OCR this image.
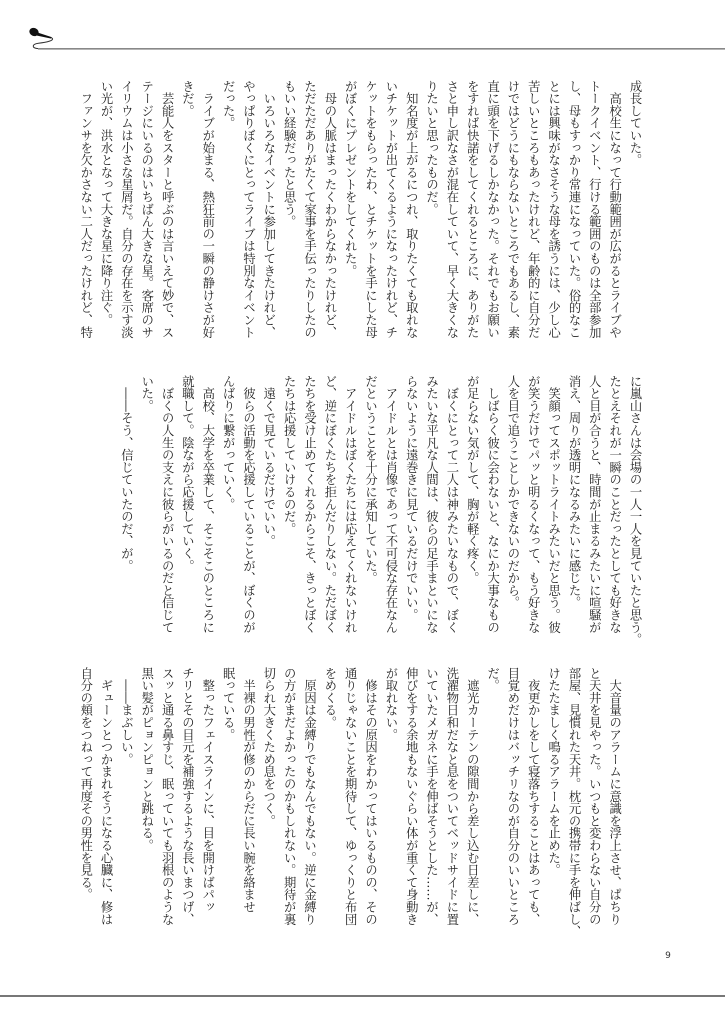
成長していた。
　高校生になって行動範囲が広がるとライブや
トークイベント、行ける範囲のものは全部参加
し、母もすっかり常連になっていた。俗的なこ
とには興味がなさそうな母を誘うには、少し心
苦しいところもあったけれど、年齢的に自分だ
けではどうにもならないところでもあるし、素
直に頭を下げるしかなかった。それでもお願い
をすれば快諾をしてくれるところに、ありがた
さと申し訳なさが混在していて、早く大きくな
りたいと思ったものだ。
　知名度が上がるにつれ、取りたくても取れな
いチケットが出てくるようになったけれど、チ
ケットをもらったわ、とチケットを手にした母
がぼくにプレゼントをしてくれた。
　母の人脈はまったくわからなかったけれど、
ただただありがたくて家事を手伝ったりしたの
もいい経験だったと思う。
　いろいろなイベントに参加してきたけれど、
やっぱりぼくにとってライブは特別なイベント
だった。
　ライブが始まる、熱狂前の一瞬の静けさが好
きだ。
　芸能人をスターと呼ぶのは言いえて妙で、ス
テージにいるのはいちばん大きな星。客席のサ
イリウムは小さな星屑だ。自分の存在を示す淡
い光が、洪水となって大きな星に降り注ぐ。
　ファンサを欠かさない二人だったけれど、特
に嵐山さんは会場の一人一人を見ていたと思う。
たとえそれが一瞬のことだったとしても好きな
人と目が合うと、時間が止まるみたいに喧騒が
消え、周りが透明になるみたいに感じた。
　笑顔ってスポットライトみたいだと思う。彼
が笑うだけでパッと明るくなって、もう好きな
人を目で追うことしかできないのだから。
　しばらく彼に会わないと、なにか大事なもの
が足らない気がして、胸が軽く疼く。
　ぼくにとって二人は神みたいなもので、ぼく
みたいな平凡な人間は、彼らの足手まといにな
らないように遠巻きに見ているだけでいい。
　アイドルとは肖像であって不可侵な存在なん
だということを十分に承知していた。
　アイドルはぼくたちには応えてくれないけれ
ど、逆にぼくたちを拒んだりしない。ただぼく
たちを受け止めてくれるからこそ、きっとぼく
たちは応援していけるのだ。
　遠くで見ているだけでいい。
　彼らの活動を応援していることが、ぼくのが
んばりに繋がっていく。
　高校、大学を卒業して、そこそこのところに
就職して。陰ながら応援していく。
　ぼくの人生の支えに彼らがいるのだと信じて
いた。
　――そう、信じていたのだ、が。
　大音量のアラームに意識を浮上させ、ぱちり
と天井を見やった。いつもと変わらない自分の
部屋、見慣れた天井。枕元の携帯に手を伸ばし、
けたたましく鳴るアラームを止めた。
　夜更かしをして寝落ちすることはあっても、
目覚めだけはバッチリなのが自分のいいところ
だ。
　遮光カーテンの隙間から差し込む日差しに、
洗濯物日和だなと息をついてベッドサイドに置
いていたメガネに手を伸ばそうとした……が、
伸びをする余地もないぐらい体が重くて身動き
が取れない。
　修はその原因をわかってはいるものの、その
通りじゃないことを期待して、ゆっくりと布団
をめくる。
　原因は金縛りでもなんでもない。逆に金縛り
の方がまだよかったのかもしれない。期待が裏
切られ大きくため息をつく。
　半裸の男性が修のからだに長い腕を絡ませ
眠っている。
　整ったフェイスラインに、目を開けばパッ
チリとその目元を補強するような長いまつげ、
スッと通る鼻すじ、眠っていても羽根のような
黒い髪がピョンピョンと跳ねる。
　――まぶしい。
　ギューンとつかまれそうになる心臓に、修は
自分の頬をつねって再度その男性を見る。
9
